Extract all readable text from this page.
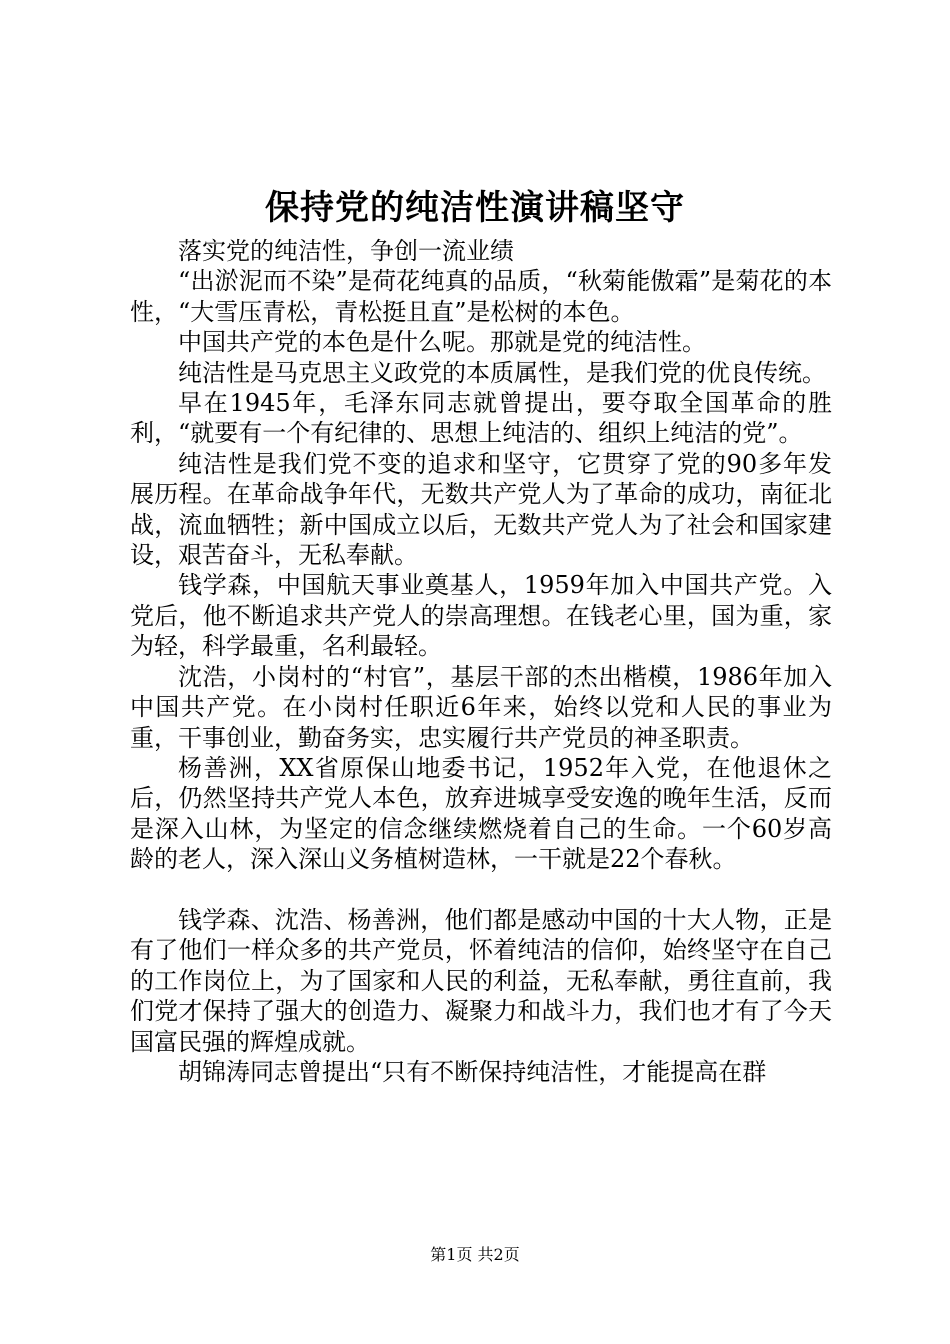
保持党的纯洁性演讲稿坚守

落实党的纯洁性，争创一流业绩

“出淤泥而不染”是荷花纯真的品质，“秋菊能傲霜”是菊花的本性，“大雪压青松，青松挺且直”是松树的本色。

中国共产党的本色是什么呢。那就是党的纯洁性。

纯洁性是马克思主义政党的本质属性，是我们党的优良传统。

早在1945年，毛泽东同志就曾提出，要夺取全国革命的胜利，“就要有一个有纪律的、思想上纯洁的、组织上纯洁的党”。

纯洁性是我们党不变的追求和坚守，它贯穿了党的90多年发展历程。在革命战争年代，无数共产党人为了革命的成功，南征北战，流血牺牲；新中国成立以后，无数共产党人为了社会和国家建设，艰苦奋斗，无私奉献。

钱学森，中国航天事业奠基人，1959年加入中国共产党。入党后，他不断追求共产党人的崇高理想。在钱老心里，国为重，家为轻，科学最重，名利最轻。

沈浩，小岗村的“村官”，基层干部的杰出楷模，1986年加入中国共产党。在小岗村任职近6年来，始终以党和人民的事业为重，干事创业，勤奋务实，忠实履行共产党员的神圣职责。

杨善洲，XX省原保山地委书记，1952年入党，在他退休之后，仍然坚持共产党人本色，放弃进城享受安逸的晚年生活，反而是深入山林，为坚定的信念继续燃烧着自己的生命。一个60岁高龄的老人，深入深山义务植树造林，一干就是22个春秋。

钱学森、沈浩、杨善洲，他们都是感动中国的十大人物，正是有了他们一样众多的共产党员，怀着纯洁的信仰，始终坚守在自己的工作岗位上，为了国家和人民的利益，无私奉献，勇往直前，我们党才保持了强大的创造力、凝聚力和战斗力，我们也才有了今天国富民强的辉煌成就。

胡锦涛同志曾提出“只有不断保持纯洁性，才能提高在群

第1页 共2页
